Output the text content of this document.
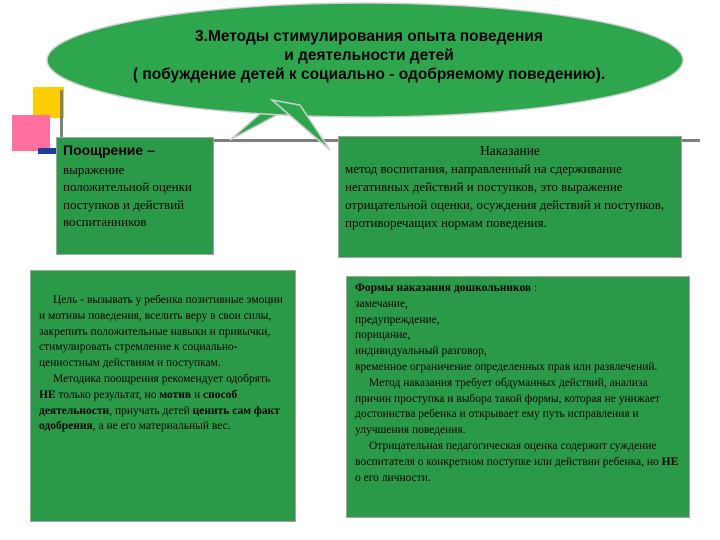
3.Методы стимулирования опыта поведения
и деятельности детей
( побуждение детей к социально - одобряемому поведению).
Поощрение –
выражение положительной оценки поступков и действий воспитанников
Наказание
метод воспитания, направленный на сдерживание негативных действий и поступков, это выражение отрицательной оценки, осуждения действий и поступков, противоречащих нормам поведения.

Цель - вызывать у ребенка позитивные эмоции и мотивы поведения, вселить веру в свои силы, закрепить положительные навыки и привычки, стимулировать стремление к социально-ценностным действиям и поступкам.

Методика поощрения рекомендует одобрять НЕ только результат, но мотив и способ деятельности, приучать детей ценить сам факт одобрения, а не его материальный вес.

Формы наказания дошкольников :

замечание,

предупреждение,

порицание,

индивидуальный разговор,

временное ограничение определенных прав или развлечений.

Метод наказания требует обдуманных действий, анализа причин проступка и выбора такой формы, которая не унижает достоинства ребенка и открывает ему путь исправления и улучшения поведения.

Отрицательная педагогическая оценка содержит суждение воспитателя о конкретном поступке или действии ребенка, но НЕ о его личности.
